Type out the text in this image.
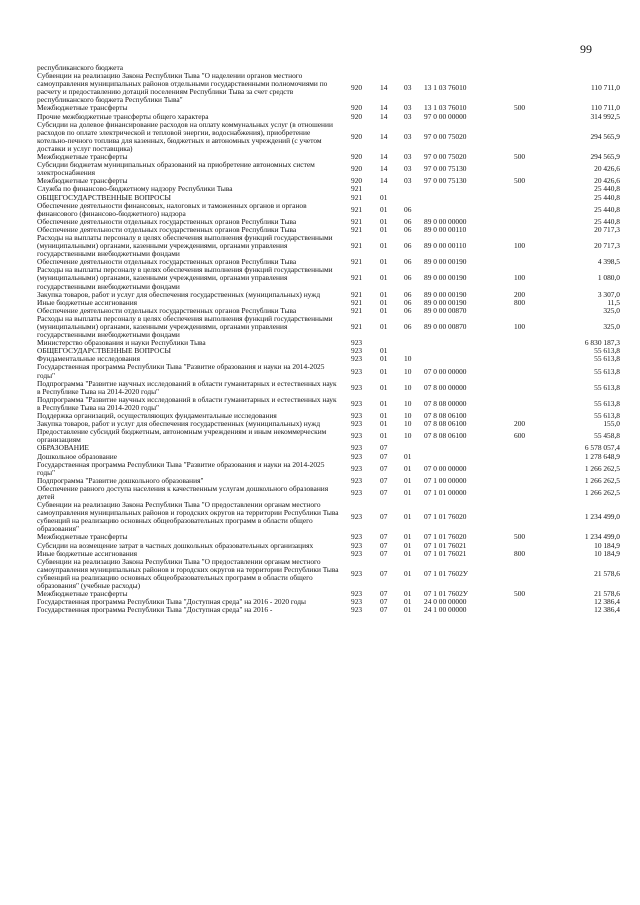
99
республиканского бюджета
Субвенции на реализацию Закона Республики Тыва "О наделении органов местного самоуправления муниципальных районов отдельными государственными полномочиями по расчету и предоставлению дотаций поселениям Республики Тыва за счет средств республиканского бюджета Республики Тыва"
920 14 03 13 1 03 76010	110 711,0
Межбюджетные трансферты	920 14 03 13 1 03 76010	500	110 711,0
Прочие межбюджетные трансферты общего характера	920 14 03 97 0 00 00000	314 992,5
Субсидии на долевое финансирование расходов на оплату коммунальных услуг (в отношении расходов по оплате электрической и тепловой энергии, водоснабжения), приобретение котельно-печного топлива для казенных, бюджетных и автономных учреждений (с учетом доставки и услуг поставщика)
920 14 03 97 0 00 75020	294 565,9
Межбюджетные трансферты	920 14 03 97 0 00 75020	500	294 565,9
Субсидии бюджетам муниципальных образований на приобретение автономных систем электроснабжения	920 14 03 97 0 00 75130	20 426,6
Межбюджетные трансферты	920 14 03 97 0 00 75130	500	20 426,6
Служба по финансово-бюджетному надзору Республики Тыва	921	25 440,8
ОБЩЕГОСУДАРСТВЕННЫЕ ВОПРОСЫ	921 01	25 440,8
Обеспечение деятельности финансовых, налоговых и таможенных органов и органов финансового (финансово-бюджетного) надзора	921 01 06	25 440,8
Обеспечение деятельности отдельных государственных органов Республики Тыва	921 01 06 89 0 00 00000	25 440,8
Обеспечение деятельности отдельных государственных органов Республики Тыва	921 01 06 89 0 00 00110	20 717,3
Расходы на выплаты персоналу в целях обеспечения выполнения функций государственными (муниципальными) органами, казенными учреждениями, органами управления государственными внебюджетными фондами
921 01 06 89 0 00 00110	100	20 717,3
Обеспечение деятельности отдельных государственных органов Республики Тыва	921 01 06 89 0 00 00190	4 398,5
Расходы на выплаты персоналу в целях обеспечения выполнения функций государственными (муниципальными) органами, казенными учреждениями, органами управления государственными внебюджетными фондами
921 01 06 89 0 00 00190	100	1 080,0
Закупка товаров, работ и услуг для обеспечения государственных (муниципальных) нужд	921 01 06 89 0 00 00190	200	3 307,0
Иные бюджетные ассигнования	921 01 06 89 0 00 00190	800	11,5
Обеспечение деятельности отдельных государственных органов Республики Тыва	921 01 06 89 0 00 00870	325,0
Расходы на выплаты персоналу в целях обеспечения выполнения функций государственными (муниципальными) органами, казенными учреждениями, органами управления государственными внебюджетными фондами
921 01 06 89 0 00 00870	100	325,0
Министерство образования и науки Республики Тыва	923	6 830 187,3
ОБЩЕГОСУДАРСТВЕННЫЕ ВОПРОСЫ	923 01	55 613,8
Фундаментальные исследования	923 01 10	55 613,8
Государственная программа Республики Тыва "Развитие образования и науки на 2014-2025 годы"	923 01 10 07 0 00 00000	55 613,8
Подпрограмма "Развитие научных исследований в области гуманитарных и естественных наук в Республике Тыва на 2014-2020 годы"	923 01 10 07 8 00 00000	55 613,8
Подпрограмма "Развитие научных исследований в области гуманитарных и естественных наук в Республике Тыва на 2014-2020 годы"	923 01 10 07 8 08 00000	55 613,8
Поддержка организаций, осуществляющих фундаментальные исследования	923 01 10 07 8 08 06100	55 613,8
Закупка товаров, работ и услуг для обеспечения государственных (муниципальных) нужд	923 01 10 07 8 08 06100	200	155,0
Предоставление субсидий бюджетным, автономным учреждениям и иным некоммерческим организациям	923 01 10 07 8 08 06100	600	55 458,8
ОБРАЗОВАНИЕ	923 07	6 578 057,4
Дошкольное образование	923 07 01	1 278 648,9
Государственная программа Республики Тыва "Развитие образования и науки на 2014-2025 годы"	923 07 01 07 0 00 00000	1 266 262,5
Подпрограмма "Развитие дошкольного образования"	923 07 01 07 1 00 00000	1 266 262,5
Обеспечение равного доступа населения к качественным услугам дошкольного образования детей	923 07 01 07 1 01 00000	1 266 262,5
Субвенции на реализацию Закона Республики Тыва "О предоставлении органам местного самоуправления муниципальных районов и городских округов на территории Республики Тыва субвенций на реализацию основных общеобразовательных программ в области общего образования"
923 07 01 07 1 01 76020	1 234 499,0
Межбюджетные трансферты	923 07 01 07 1 01 76020	500	1 234 499,0
Субсидии на возмещение затрат в частных дошкольных образовательных организациях	923 07 01 07 1 01 76021	10 184,9
Иные бюджетные ассигнования	923 07 01 07 1 01 76021	800	10 184,9
Субвенции на реализацию Закона Республики Тыва "О предоставлении органам местного самоуправления муниципальных районов и городских округов на территории Республики Тыва субвенций на реализацию основных общеобразовательных программ в области общего образования" (учебные расходы)
923 07 01 07 1 01 7602У	21 578,6
Межбюджетные трансферты	923 07 01 07 1 01 7602У	500	21 578,6
Государственная программа Республики Тыва "Доступная среда" на 2016 - 2020 годы	923 07 01 24 0 00 00000	12 386,4
Государственная программа Республики Тыва "Доступная среда" на 2016 -	923 07 01 24 1 00 00000	12 386,4
